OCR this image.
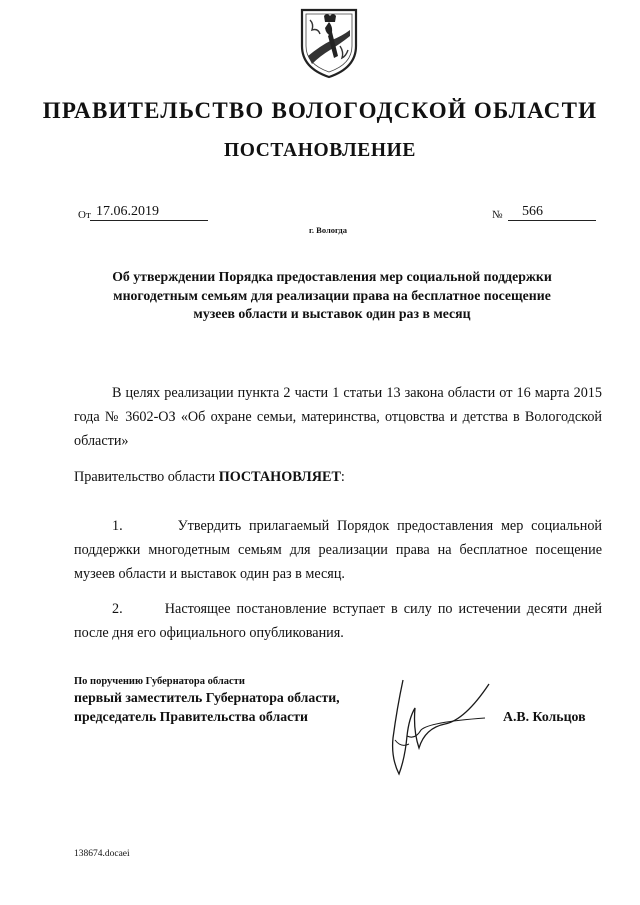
ПРАВИТЕЛЬСТВО ВОЛОГОДСКОЙ ОБЛАСТИ
ПОСТАНОВЛЕНИЕ
От 17.06.2019	№	566
г. Вологда
Об утверждении Порядка предоставления мер социальной поддержки многодетным семьям для реализации права на бесплатное посещение музеев области и выставок один раз в месяц
В целях реализации пункта 2 части 1 статьи 13 закона области от 16 марта 2015 года № 3602-ОЗ «Об охране семьи, материнства, отцовства и детства в Вологодской области»
Правительство области ПОСТАНОВЛЯЕТ:
1.	Утвердить прилагаемый Порядок предоставления мер социальной поддержки многодетным семьям для реализации права на бесплатное посещение музеев области и выставок один раз в месяц.
2.	Настоящее постановление вступает в силу по истечении десяти дней после дня его официального опубликования.
По поручению Губернатора области
первый заместитель Губернатора области,
председатель Правительства области	А.В. Кольцов
138674.docaei
